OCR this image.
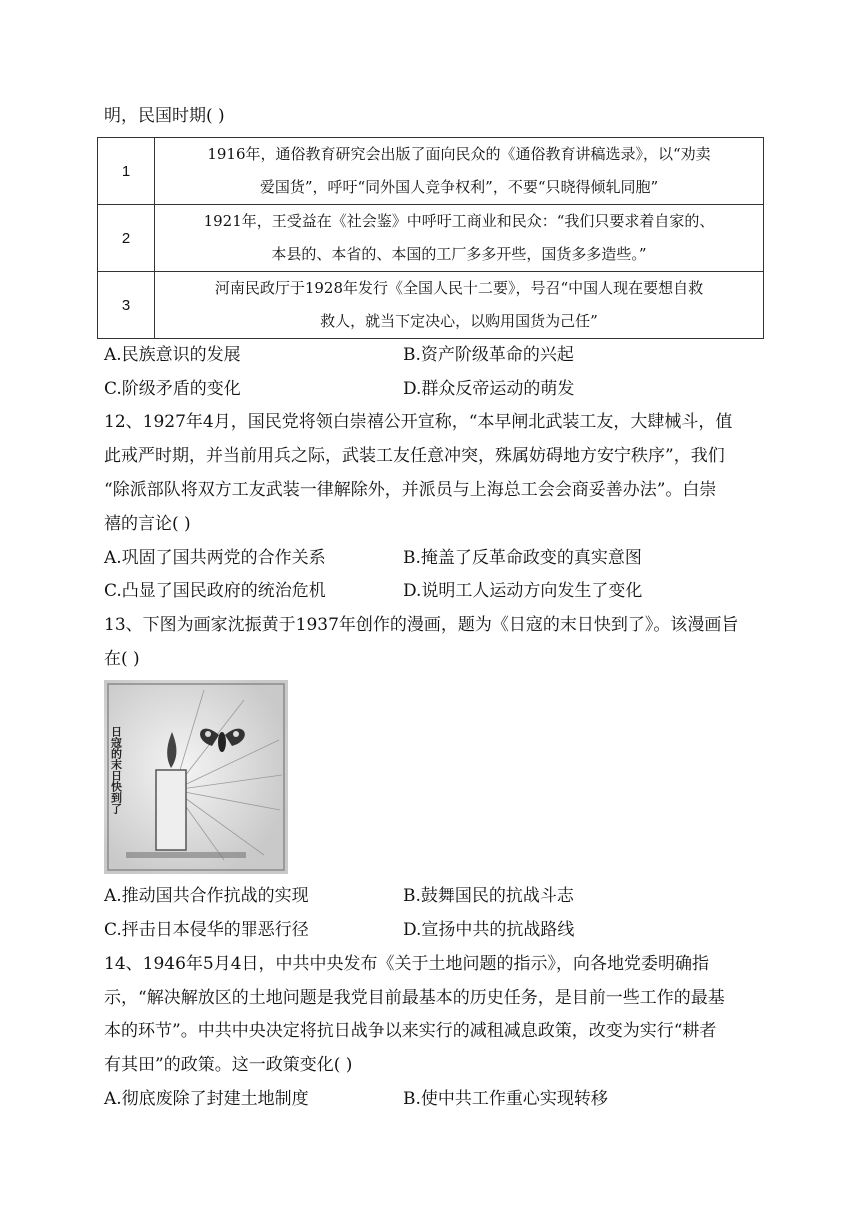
明，民国时期( )
1	1916年，通俗教育研究会出版了面向民众的《通俗教育讲稿选录》，以“劝卖
爱国货”，呼吁“同外国人竞争权利”，不要“只晓得倾轧同胞”

2	1921年，王受益在《社会鉴》中呼吁工商业和民众：“我们只要求着自家的、
本县的、本省的、本国的工厂多多开些，国货多多造些。”

3	河南民政厅于1928年发行《全国人民十二要》，号召“中国人现在要想自救
救人，就当下定决心，以购用国货为己任”
A.民族意识的发展	B.资产阶级革命的兴起
C.阶级矛盾的变化	D.群众反帝运动的萌发
12、1927年4月，国民党将领白崇禧公开宣称，“本早闸北武装工友，大肆械斗，值
此戒严时期，并当前用兵之际，武装工友任意冲突，殊属妨碍地方安宁秩序”，我们
“除派部队将双方工友武装一律解除外，并派员与上海总工会会商妥善办法”。白崇
禧的言论( )
A.巩固了国共两党的合作关系	B.掩盖了反革命政变的真实意图
C.凸显了国民政府的统治危机	D.说明工人运动方向发生了变化
13、下图为画家沈振黄于1937年创作的漫画，题为《日寇的末日快到了》。该漫画旨
在( )
日寇的末日快到了
A.推动国共合作抗战的实现	B.鼓舞国民的抗战斗志
C.抨击日本侵华的罪恶行径	D.宣扬中共的抗战路线
14、1946年5月4日，中共中央发布《关于土地问题的指示》，向各地党委明确指
示，“解决解放区的土地问题是我党目前最基本的历史任务，是目前一些工作的最基
本的环节”。中共中央决定将抗日战争以来实行的减租减息政策，改变为实行“耕者
有其田”的政策。这一政策变化( )
A.彻底废除了封建土地制度	B.使中共工作重心实现转移
